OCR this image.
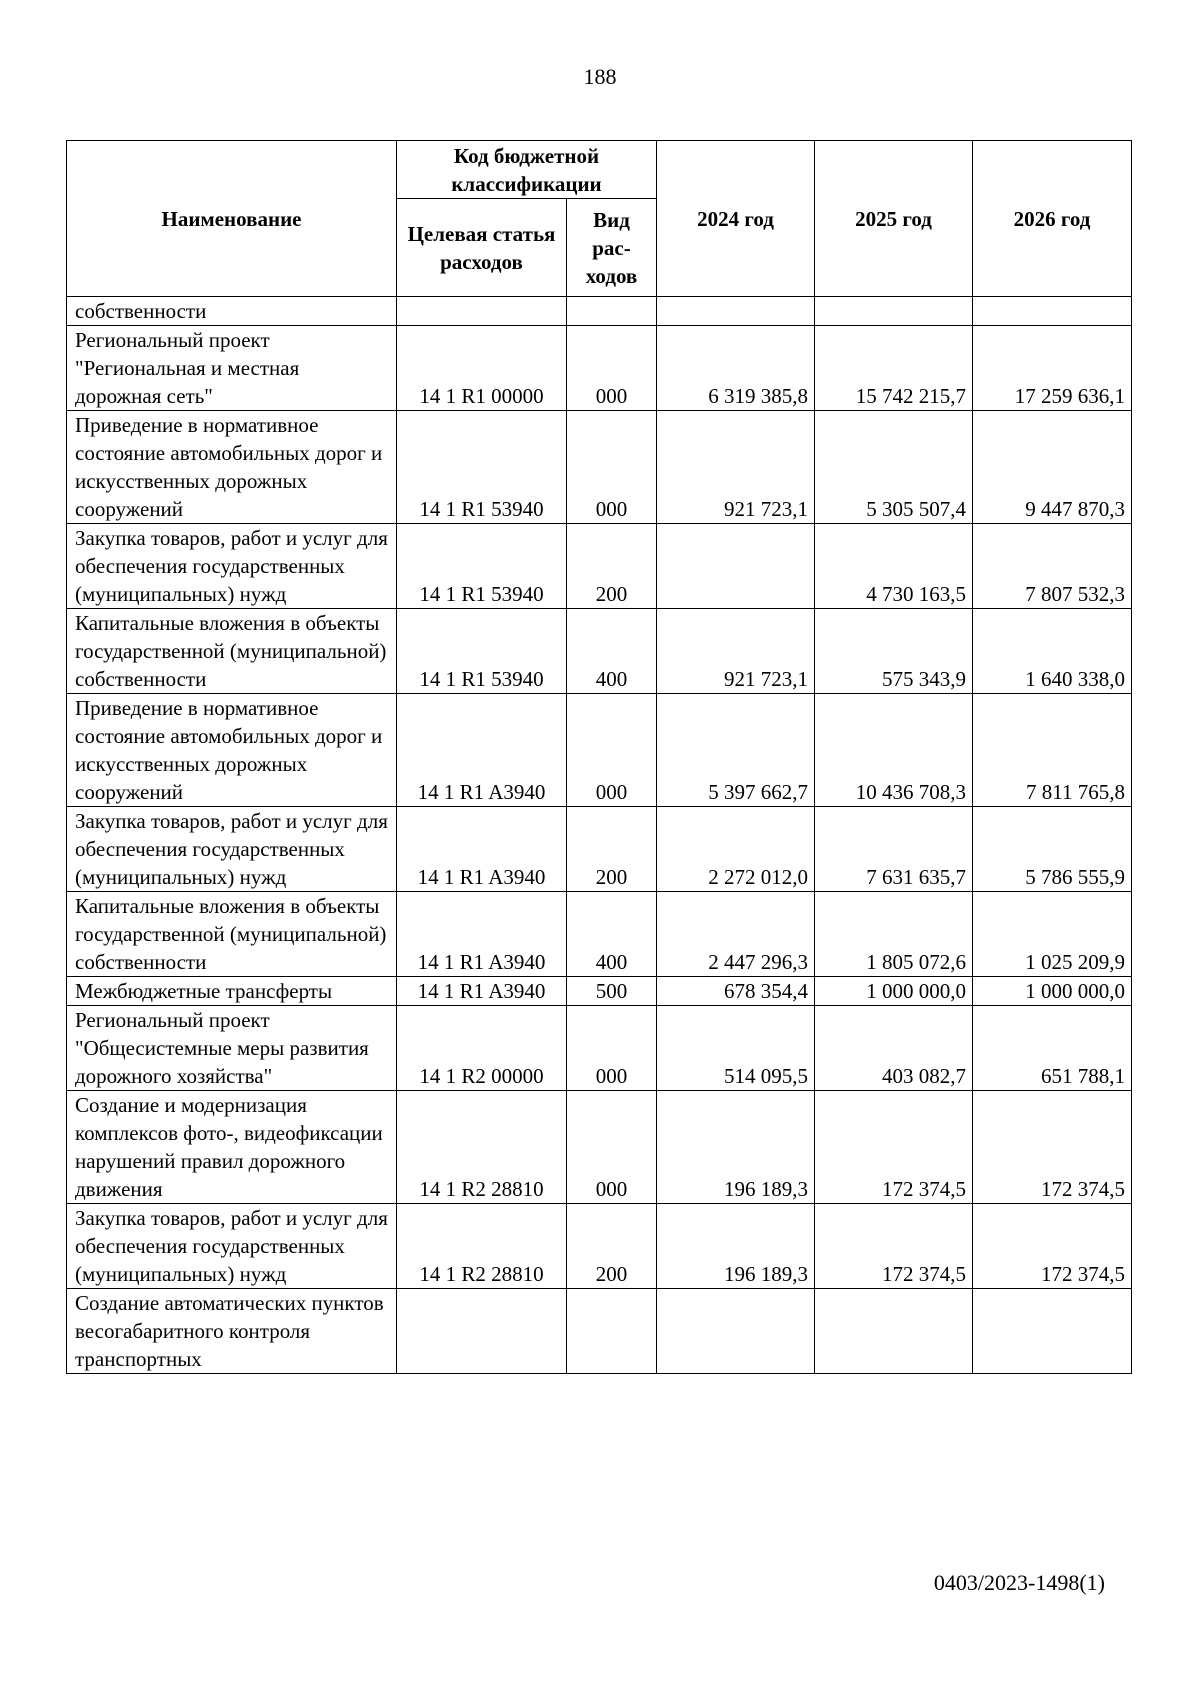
188
Наименование	Код бюджетной классификации		2024 год	2025 год	2026 год
	Целевая статья расходов	Вид рас-ходов			
собственности					
Региональный проект "Региональная и местная дорожная сеть"	14 1 R1 00000	000	6 319 385,8	15 742 215,7	17 259 636,1
Приведение в нормативное состояние автомобильных дорог и искусственных дорожных сооружений	14 1 R1 53940	000	921 723,1	5 305 507,4	9 447 870,3
Закупка товаров, работ и услуг для обеспечения государственных (муниципальных) нужд	14 1 R1 53940	200		4 730 163,5	7 807 532,3
Капитальные вложения в объекты государственной (муниципальной) собственности	14 1 R1 53940	400	921 723,1	575 343,9	1 640 338,0
Приведение в нормативное состояние автомобильных дорог и искусственных дорожных сооружений	14 1 R1 A3940	000	5 397 662,7	10 436 708,3	7 811 765,8
Закупка товаров, работ и услуг для обеспечения государственных (муниципальных) нужд	14 1 R1 A3940	200	2 272 012,0	7 631 635,7	5 786 555,9
Капитальные вложения в объекты государственной (муниципальной) собственности	14 1 R1 A3940	400	2 447 296,3	1 805 072,6	1 025 209,9
Межбюджетные трансферты	14 1 R1 A3940	500	678 354,4	1 000 000,0	1 000 000,0
Региональный проект "Общесистемные меры развития дорожного хозяйства"	14 1 R2 00000	000	514 095,5	403 082,7	651 788,1
Создание и модернизация комплексов фото-, видеофиксации нарушений правил дорожного движения	14 1 R2 28810	000	196 189,3	172 374,5	172 374,5
Закупка товаров, работ и услуг для обеспечения государственных (муниципальных) нужд	14 1 R2 28810	200	196 189,3	172 374,5	172 374,5
Создание автоматических пунктов весогабаритного контроля транспортных					
0403/2023-1498(1)
